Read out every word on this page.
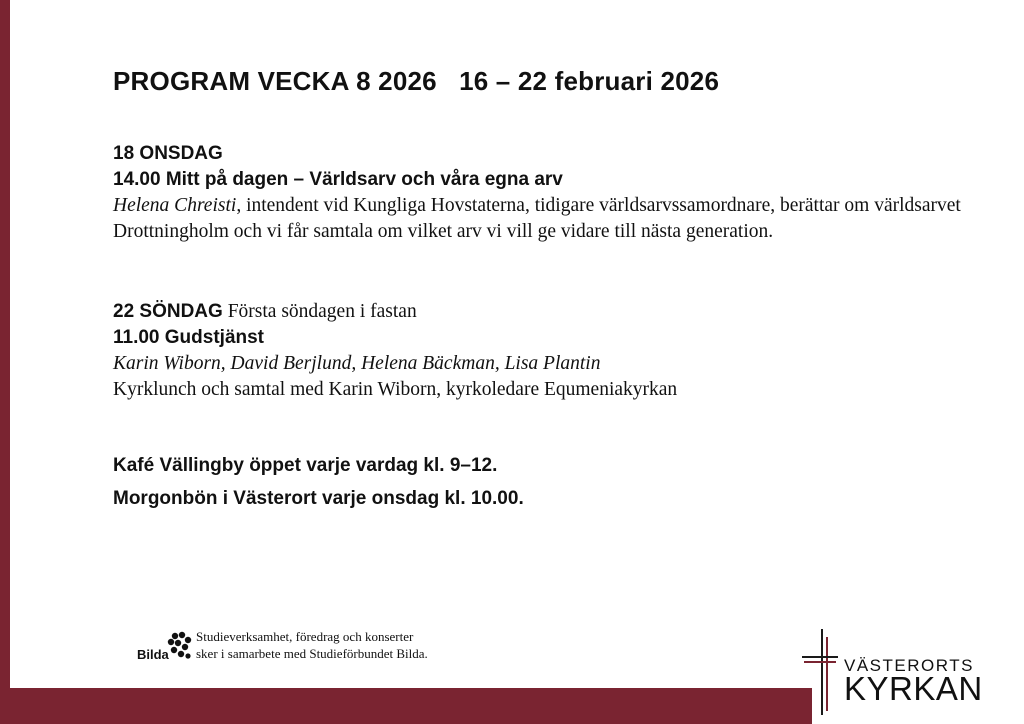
PROGRAM VECKA 8 2026   16 – 22 februari 2026
18 ONSDAG
14.00 Mitt på dagen – Världsarv och våra egna arv
Helena Chreisti, intendent vid Kungliga Hovstaterna, tidigare världsarvssamordnare, berättar om världsarvet Drottningholm och vi får samtala om vilket arv vi vill ge vidare till nästa generation.
22 SÖNDAG Första söndagen i fastan
11.00 Gudstjänst
Karin Wiborn, David Berjlund, Helena Bäckman, Lisa Plantin
Kyrklunch och samtal med Karin Wiborn, kyrkoledare Equmeniakyrkan
Kafé Vällingby öppet varje vardag kl. 9–12.
Morgonbön i Västerort varje onsdag kl. 10.00.
Bilda
Studieverksamhet, föredrag och konserter
sker i samarbete med Studieförbundet Bilda.
VÄSTERORTS
KYRKAN
